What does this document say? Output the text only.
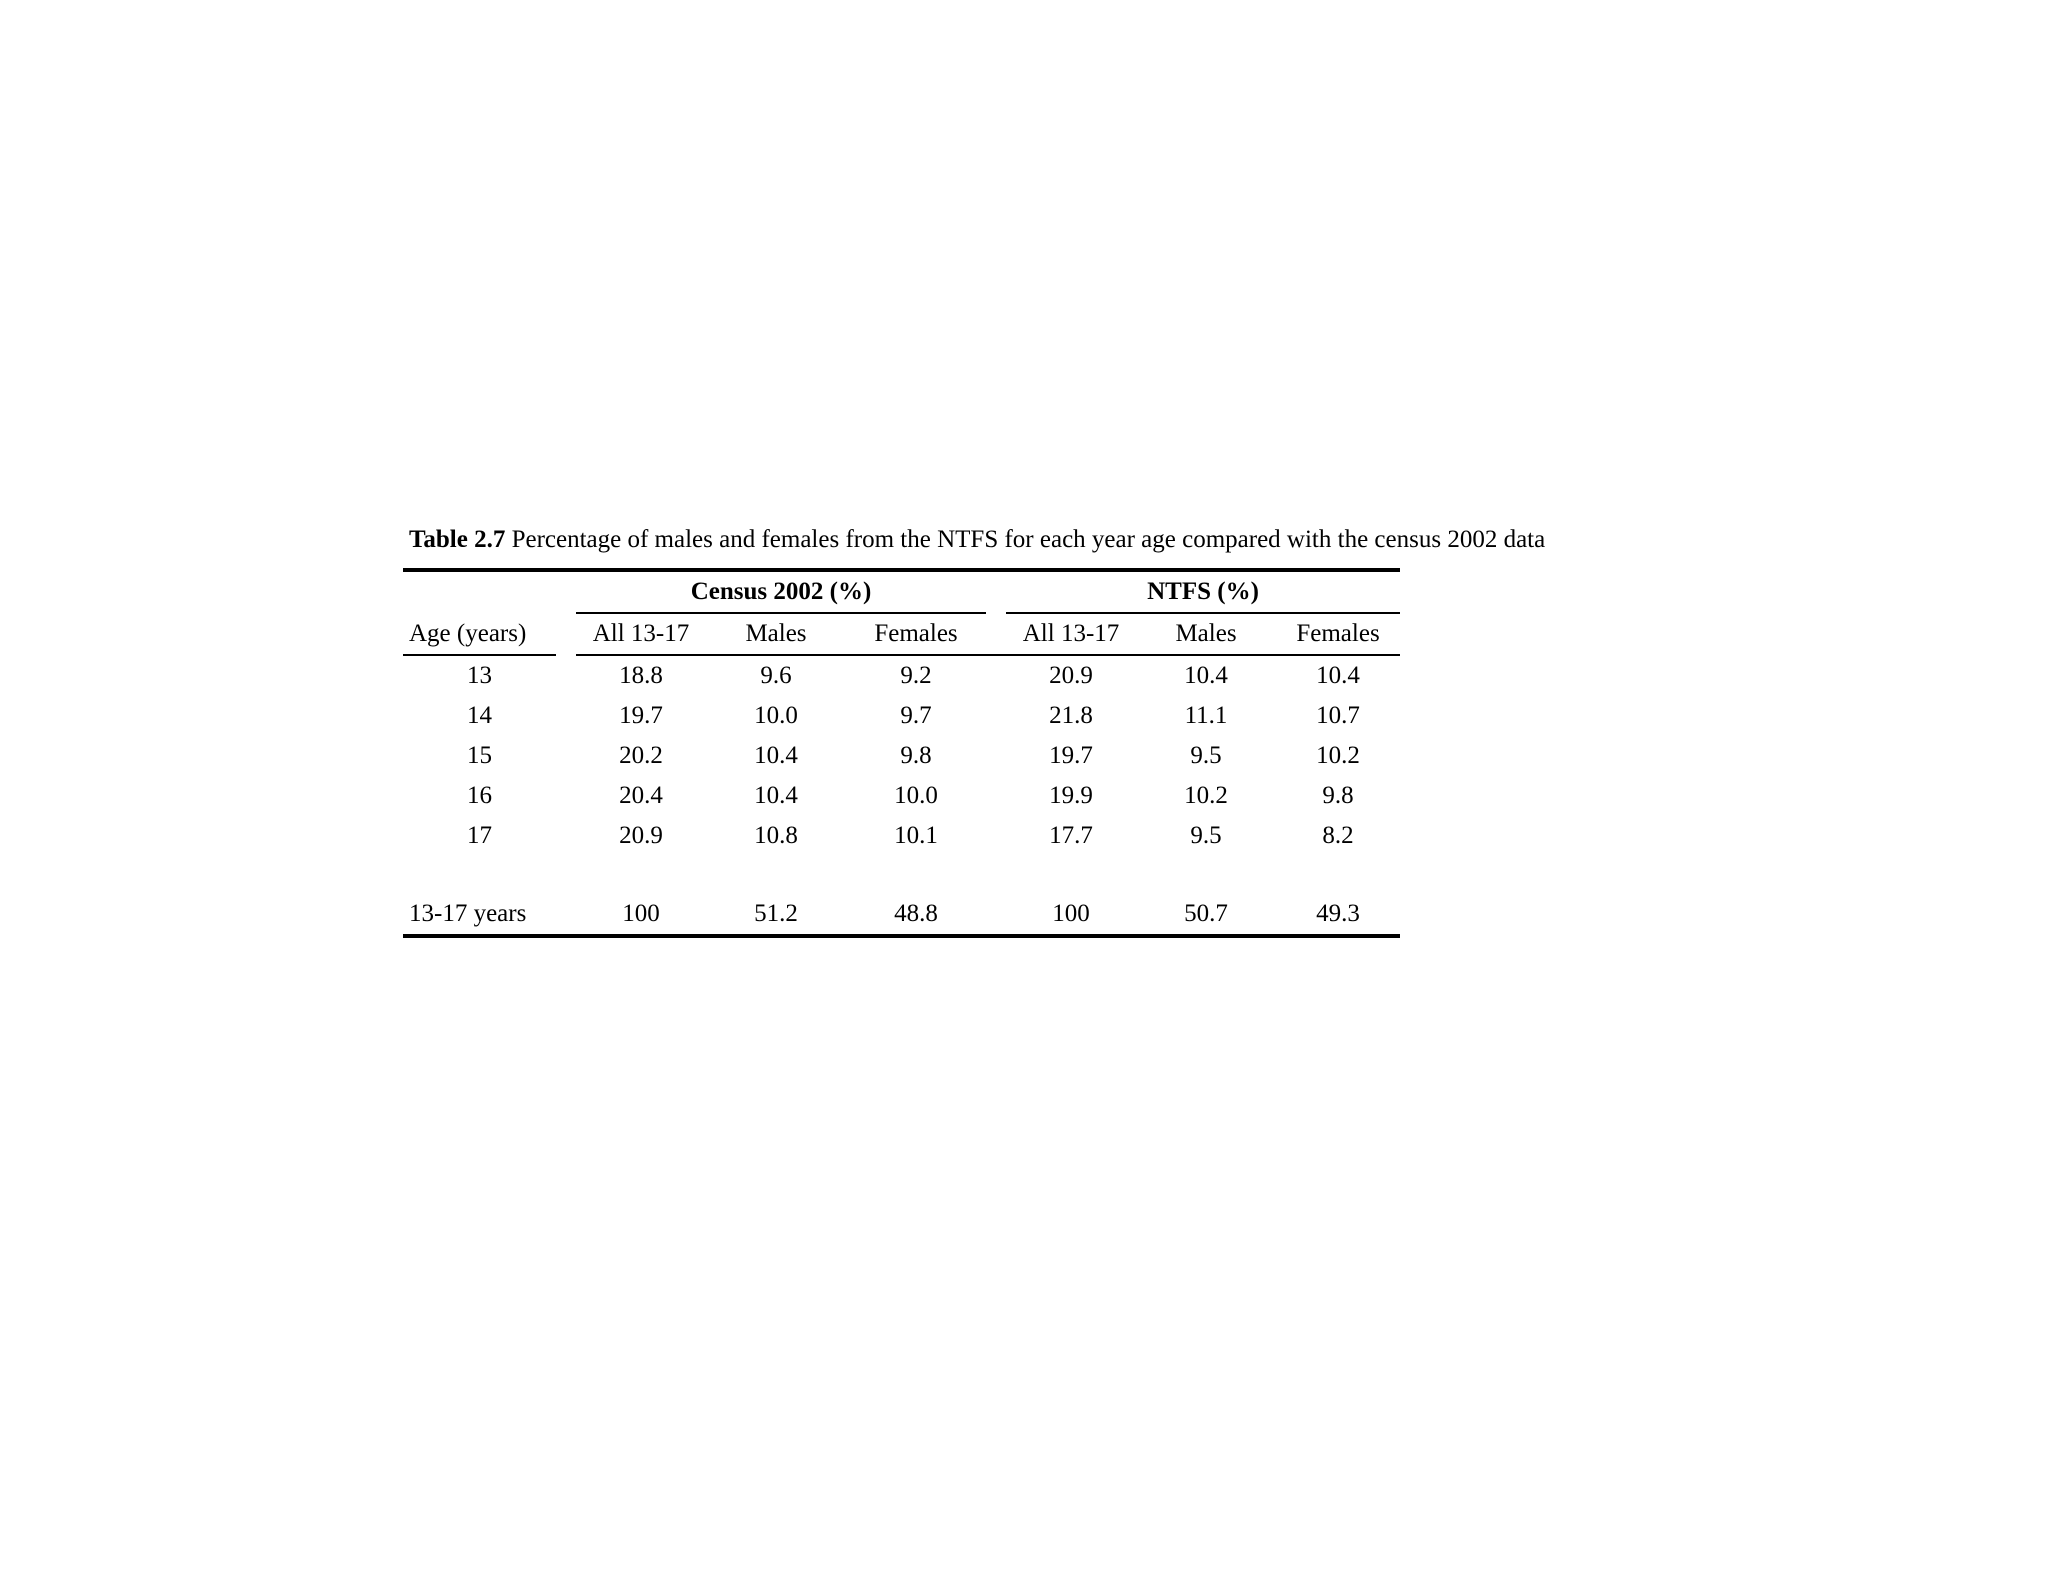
Table 2.7 Percentage of males and females from the NTFS for each year age compared with the census 2002 data

		Census 2002 (%)				NTFS (%)		

Age (years)		All 13-17	Males	Females		All 13-17	Males	Females
13		18.8	9.6	9.2		20.9	10.4	10.4
14		19.7	10.0	9.7		21.8	11.1	10.7
15		20.2	10.4	9.8		19.7	9.5	10.2
16		20.4	10.4	10.0		19.9	10.2	9.8
17		20.9	10.8	10.1		17.7	9.5	8.2

13-17 years		100	51.2	48.8		100	50.7	49.3
